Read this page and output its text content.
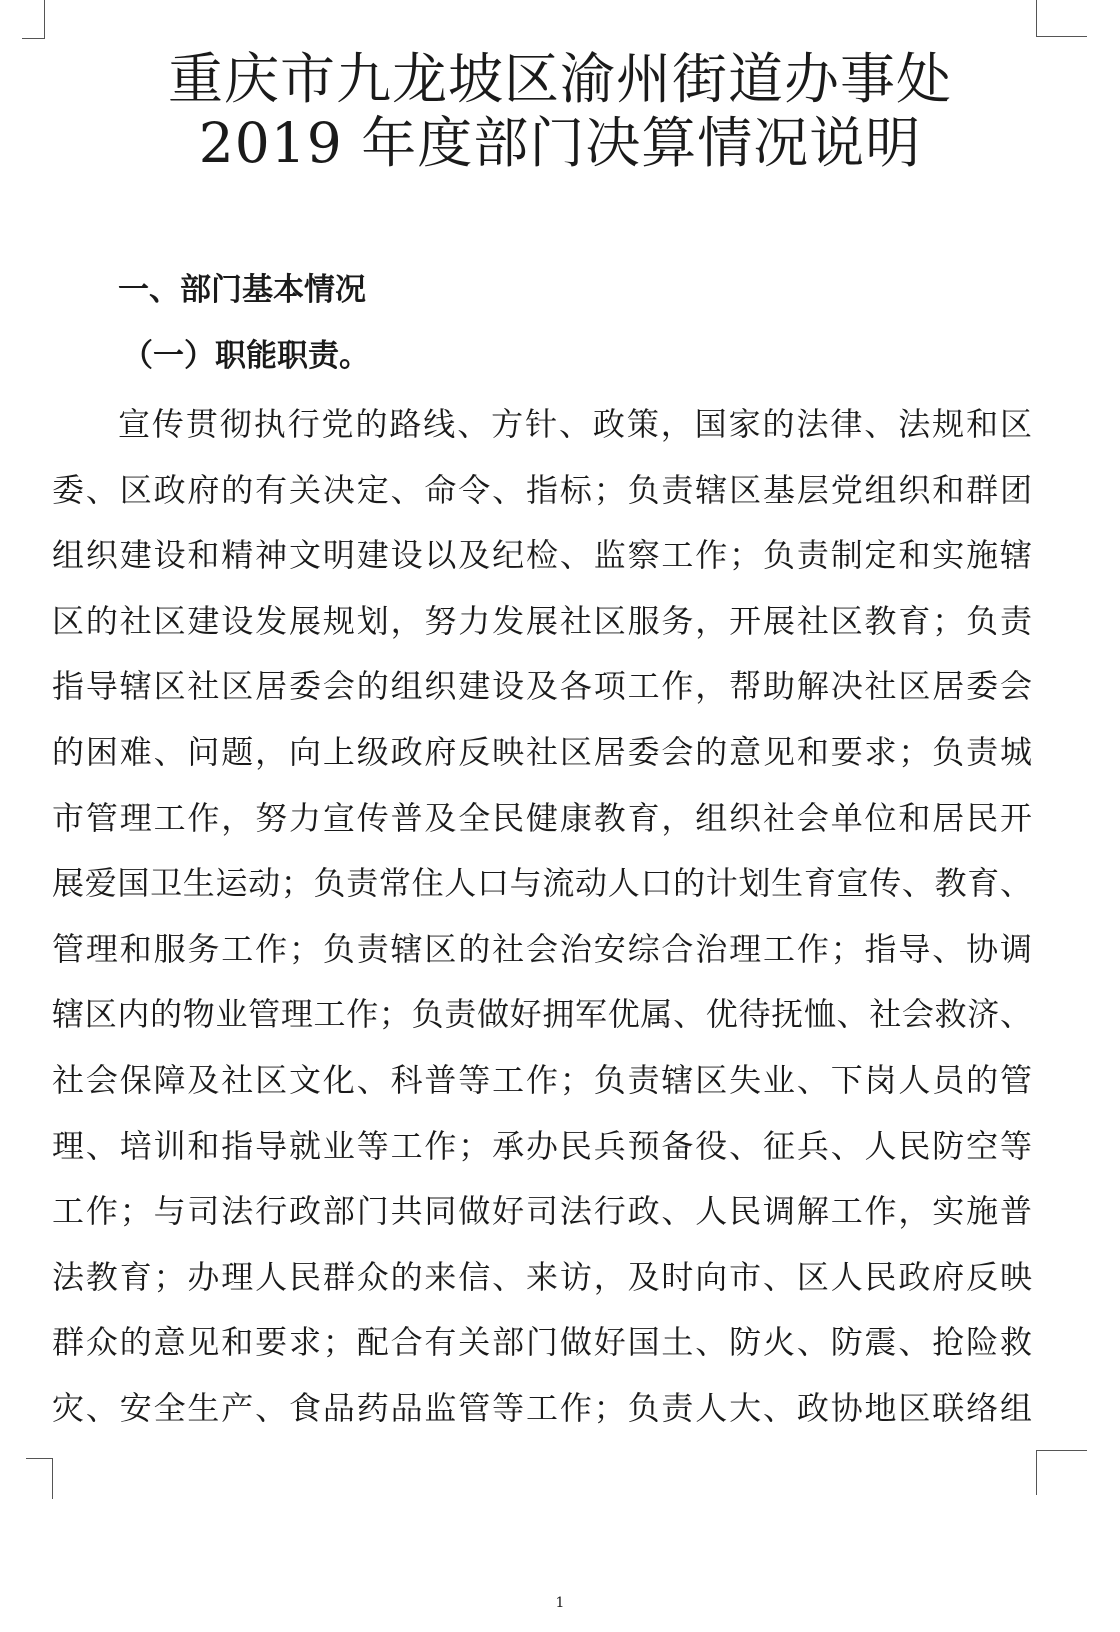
重庆市九龙坡区渝州街道办事处
2019 年度部门决算情况说明
一、部门基本情况
（一）职能职责。
宣传贯彻执行党的路线、方针、政策，国家的法律、法规和区
委、区政府的有关决定、命令、指标；负责辖区基层党组织和群团
组织建设和精神文明建设以及纪检、监察工作；负责制定和实施辖
区的社区建设发展规划，努力发展社区服务，开展社区教育；负责
指导辖区社区居委会的组织建设及各项工作，帮助解决社区居委会
的困难、问题，向上级政府反映社区居委会的意见和要求；负责城
市管理工作，努力宣传普及全民健康教育，组织社会单位和居民开
展爱国卫生运动；负责常住人口与流动人口的计划生育宣传、教育、
管理和服务工作；负责辖区的社会治安综合治理工作；指导、协调
辖区内的物业管理工作；负责做好拥军优属、优待抚恤、社会救济、
社会保障及社区文化、科普等工作；负责辖区失业、下岗人员的管
理、培训和指导就业等工作；承办民兵预备役、征兵、人民防空等
工作；与司法行政部门共同做好司法行政、人民调解工作，实施普
法教育；办理人民群众的来信、来访，及时向市、区人民政府反映
群众的意见和要求；配合有关部门做好国土、防火、防震、抢险救
灾、安全生产、食品药品监管等工作；负责人大、政协地区联络组
1
